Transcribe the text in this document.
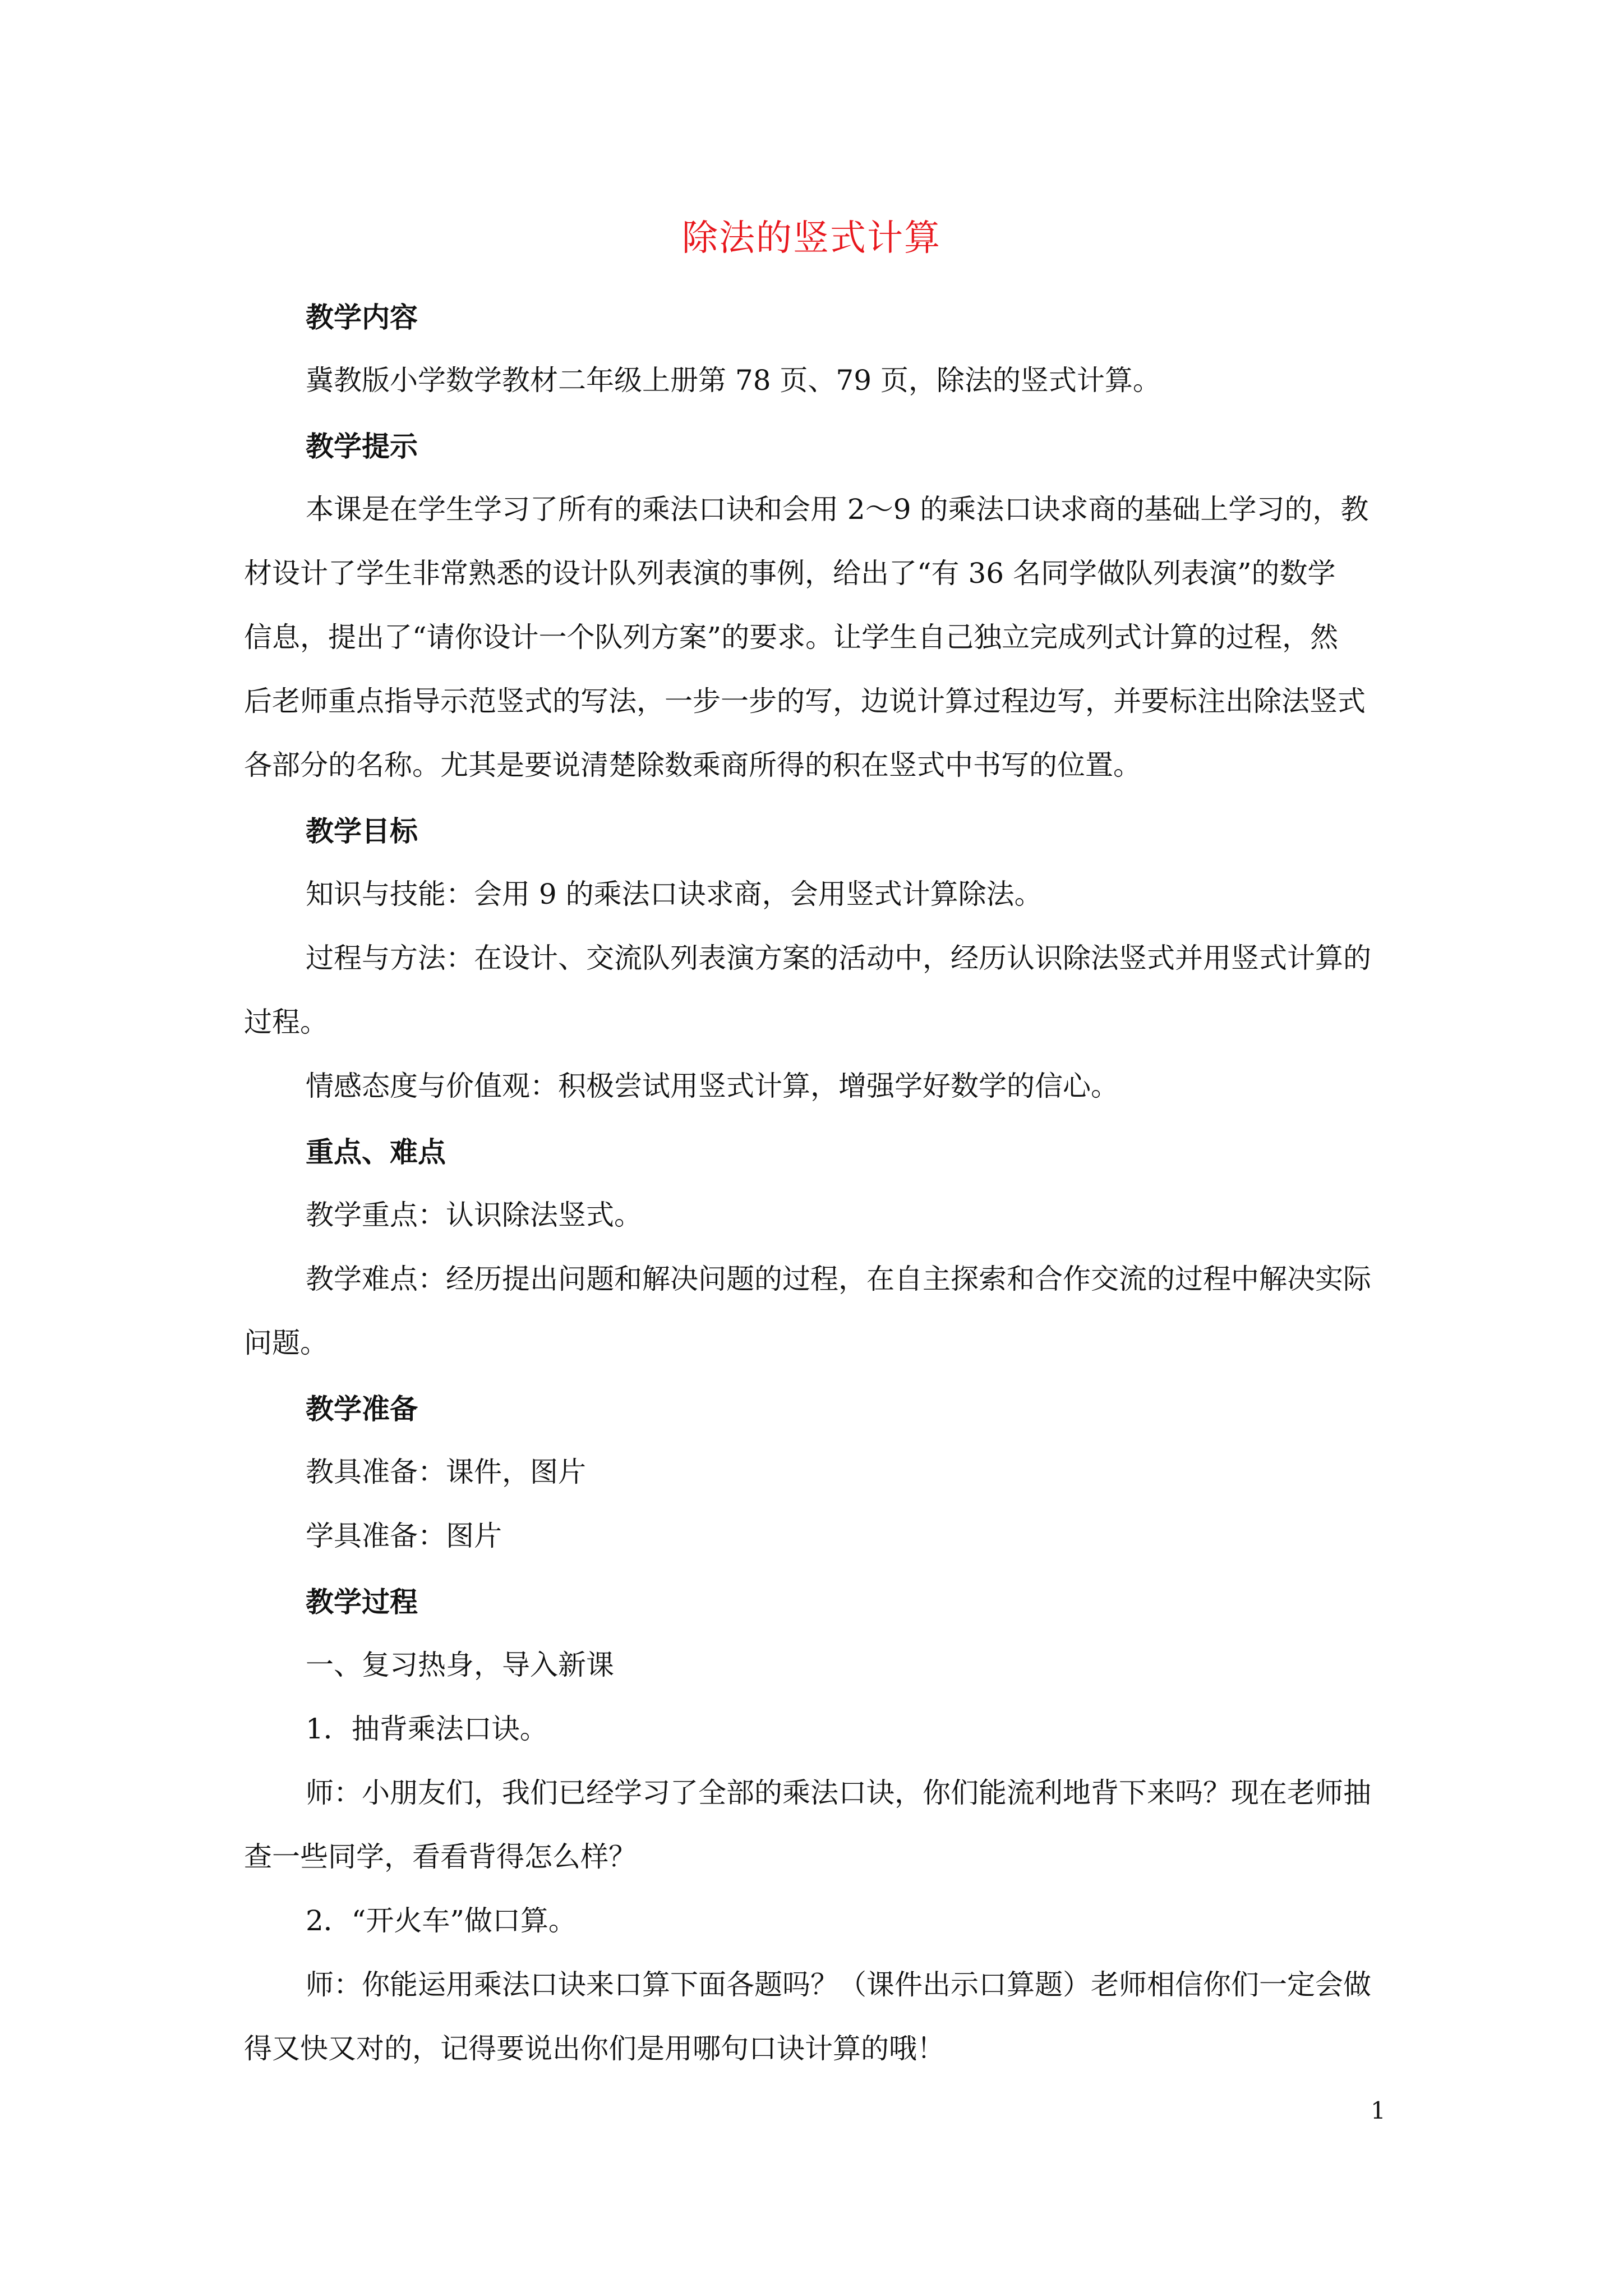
除法的竖式计算
教学内容
冀教版小学数学教材二年级上册第 78 页、79 页，除法的竖式计算。
教学提示
本课是在学生学习了所有的乘法口诀和会用 2～9 的乘法口诀求商的基础上学习的，教
材设计了学生非常熟悉的设计队列表演的事例，给出了“有 36 名同学做队列表演”的数学
信息，提出了“请你设计一个队列方案”的要求。让学生自己独立完成列式计算的过程，然
后老师重点指导示范竖式的写法，一步一步的写，边说计算过程边写，并要标注出除法竖式
各部分的名称。尤其是要说清楚除数乘商所得的积在竖式中书写的位置。
教学目标
知识与技能：会用 9 的乘法口诀求商，会用竖式计算除法。
过程与方法：在设计、交流队列表演方案的活动中，经历认识除法竖式并用竖式计算的
过程。
情感态度与价值观：积极尝试用竖式计算，增强学好数学的信心。
重点、难点
教学重点：认识除法竖式。
教学难点：经历提出问题和解决问题的过程，在自主探索和合作交流的过程中解决实际
问题。
教学准备
教具准备：课件，图片
学具准备：图片
教学过程
一、复习热身，导入新课
1．抽背乘法口诀。
师：小朋友们，我们已经学习了全部的乘法口诀，你们能流利地背下来吗？现在老师抽
查一些同学，看看背得怎么样？
2．“开火车”做口算。
师：你能运用乘法口诀来口算下面各题吗？（课件出示口算题）老师相信你们一定会做
得又快又对的，记得要说出你们是用哪句口诀计算的哦！
1
